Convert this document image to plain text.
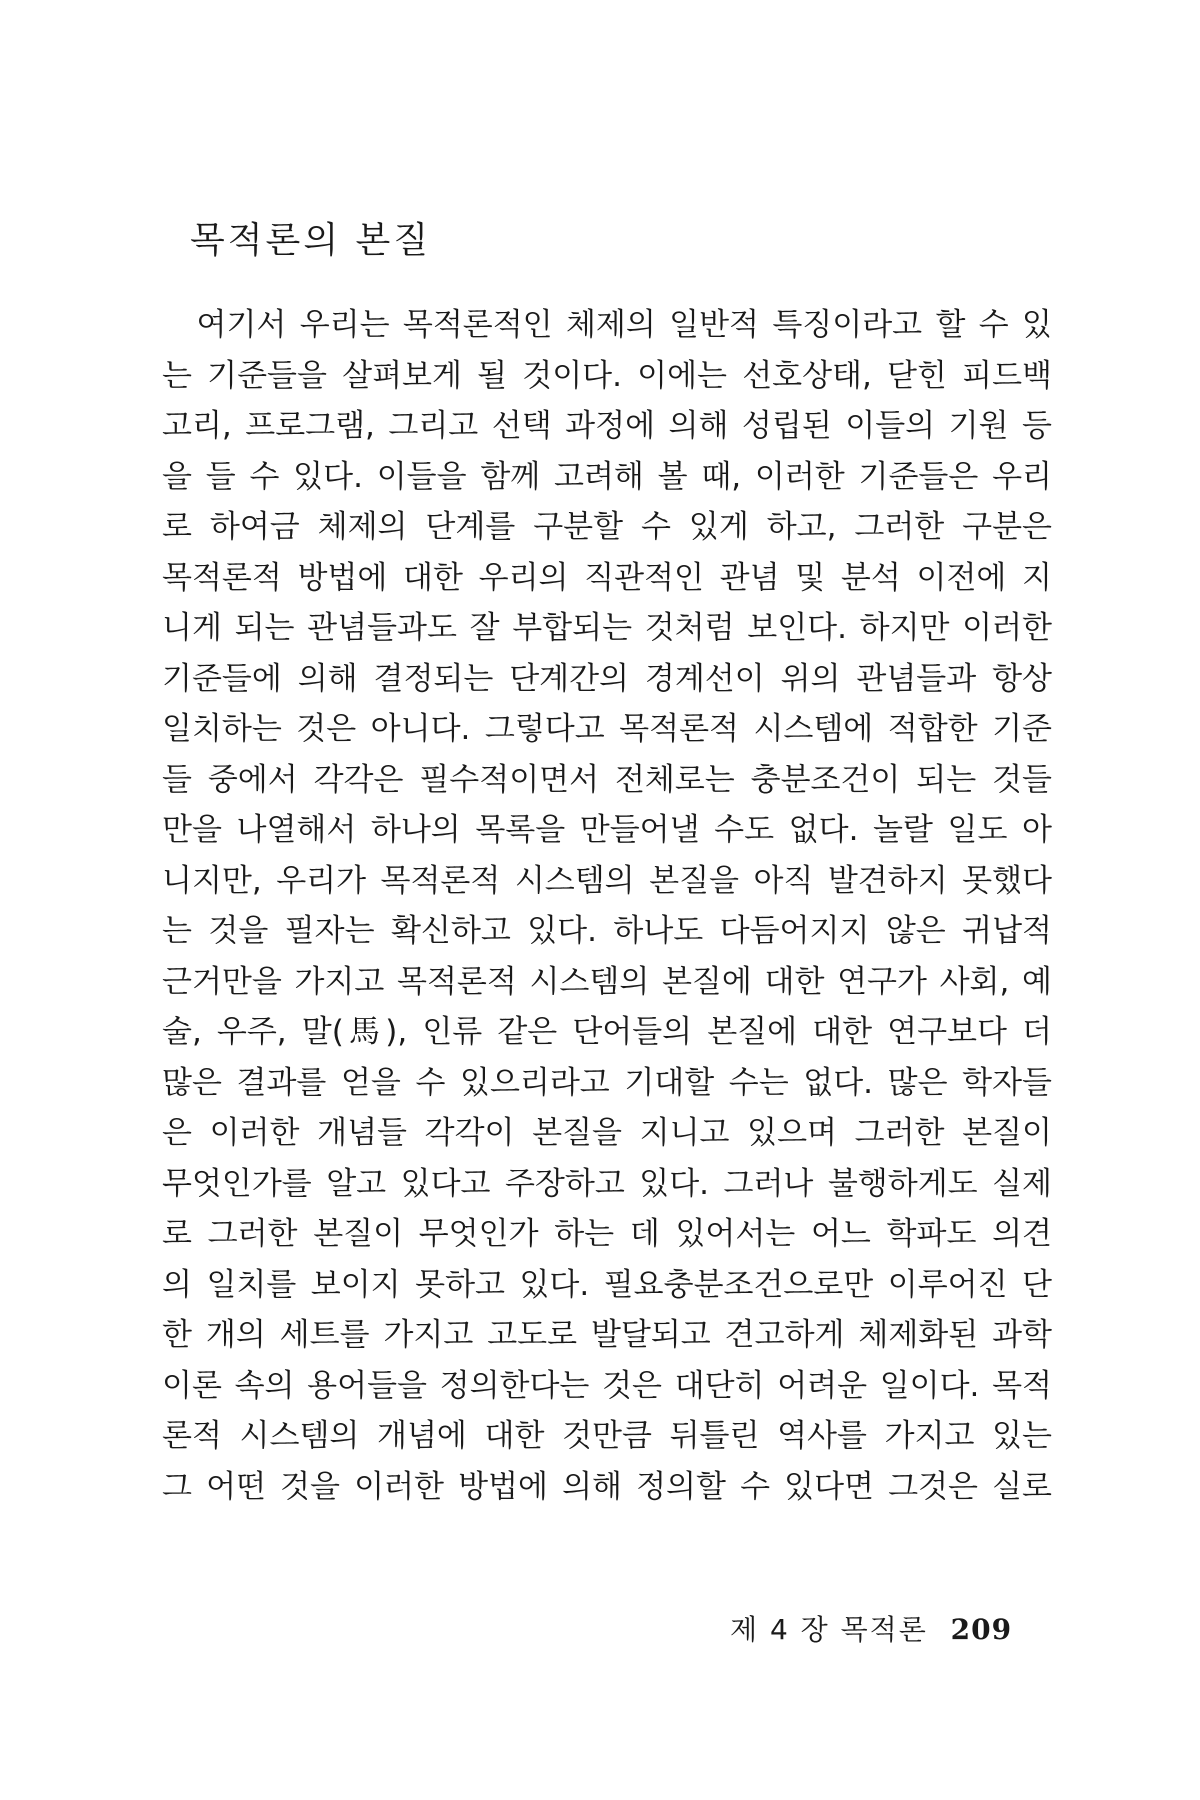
목적론의 본질
　여기서 우리는 목적론적인 체제의 일반적 특징이라고 할 수 있
는 기준들을 살펴보게 될 것이다. 이에는 선호상태, 닫힌 피드백
고리, 프로그램, 그리고 선택 과정에 의해 성립된 이들의 기원 등
을 들 수 있다. 이들을 함께 고려해 볼 때, 이러한 기준들은 우리
로 하여금 체제의 단계를 구분할 수 있게 하고, 그러한 구분은
목적론적 방법에 대한 우리의 직관적인 관념 및 분석 이전에 지
니게 되는 관념들과도 잘 부합되는 것처럼 보인다. 하지만 이러한
기준들에 의해 결정되는 단계간의 경계선이 위의 관념들과 항상
일치하는 것은 아니다. 그렇다고 목적론적 시스템에 적합한 기준
들 중에서 각각은 필수적이면서 전체로는 충분조건이 되는 것들
만을 나열해서 하나의 목록을 만들어낼 수도 없다. 놀랄 일도 아
니지만, 우리가 목적론적 시스템의 본질을 아직 발견하지 못했다
는 것을 필자는 확신하고 있다. 하나도 다듬어지지 않은 귀납적
근거만을 가지고 목적론적 시스템의 본질에 대한 연구가 사회, 예
술, 우주, 말(馬), 인류 같은 단어들의 본질에 대한 연구보다 더
많은 결과를 얻을 수 있으리라고 기대할 수는 없다. 많은 학자들
은 이러한 개념들 각각이 본질을 지니고 있으며 그러한 본질이
무엇인가를 알고 있다고 주장하고 있다. 그러나 불행하게도 실제
로 그러한 본질이 무엇인가 하는 데 있어서는 어느 학파도 의견
의 일치를 보이지 못하고 있다. 필요충분조건으로만 이루어진 단
한 개의 세트를 가지고 고도로 발달되고 견고하게 체제화된 과학
이론 속의 용어들을 정의한다는 것은 대단히 어려운 일이다. 목적
론적 시스템의 개념에 대한 것만큼 뒤틀린 역사를 가지고 있는
그 어떤 것을 이러한 방법에 의해 정의할 수 있다면 그것은 실로
제 4 장 목적론 209
